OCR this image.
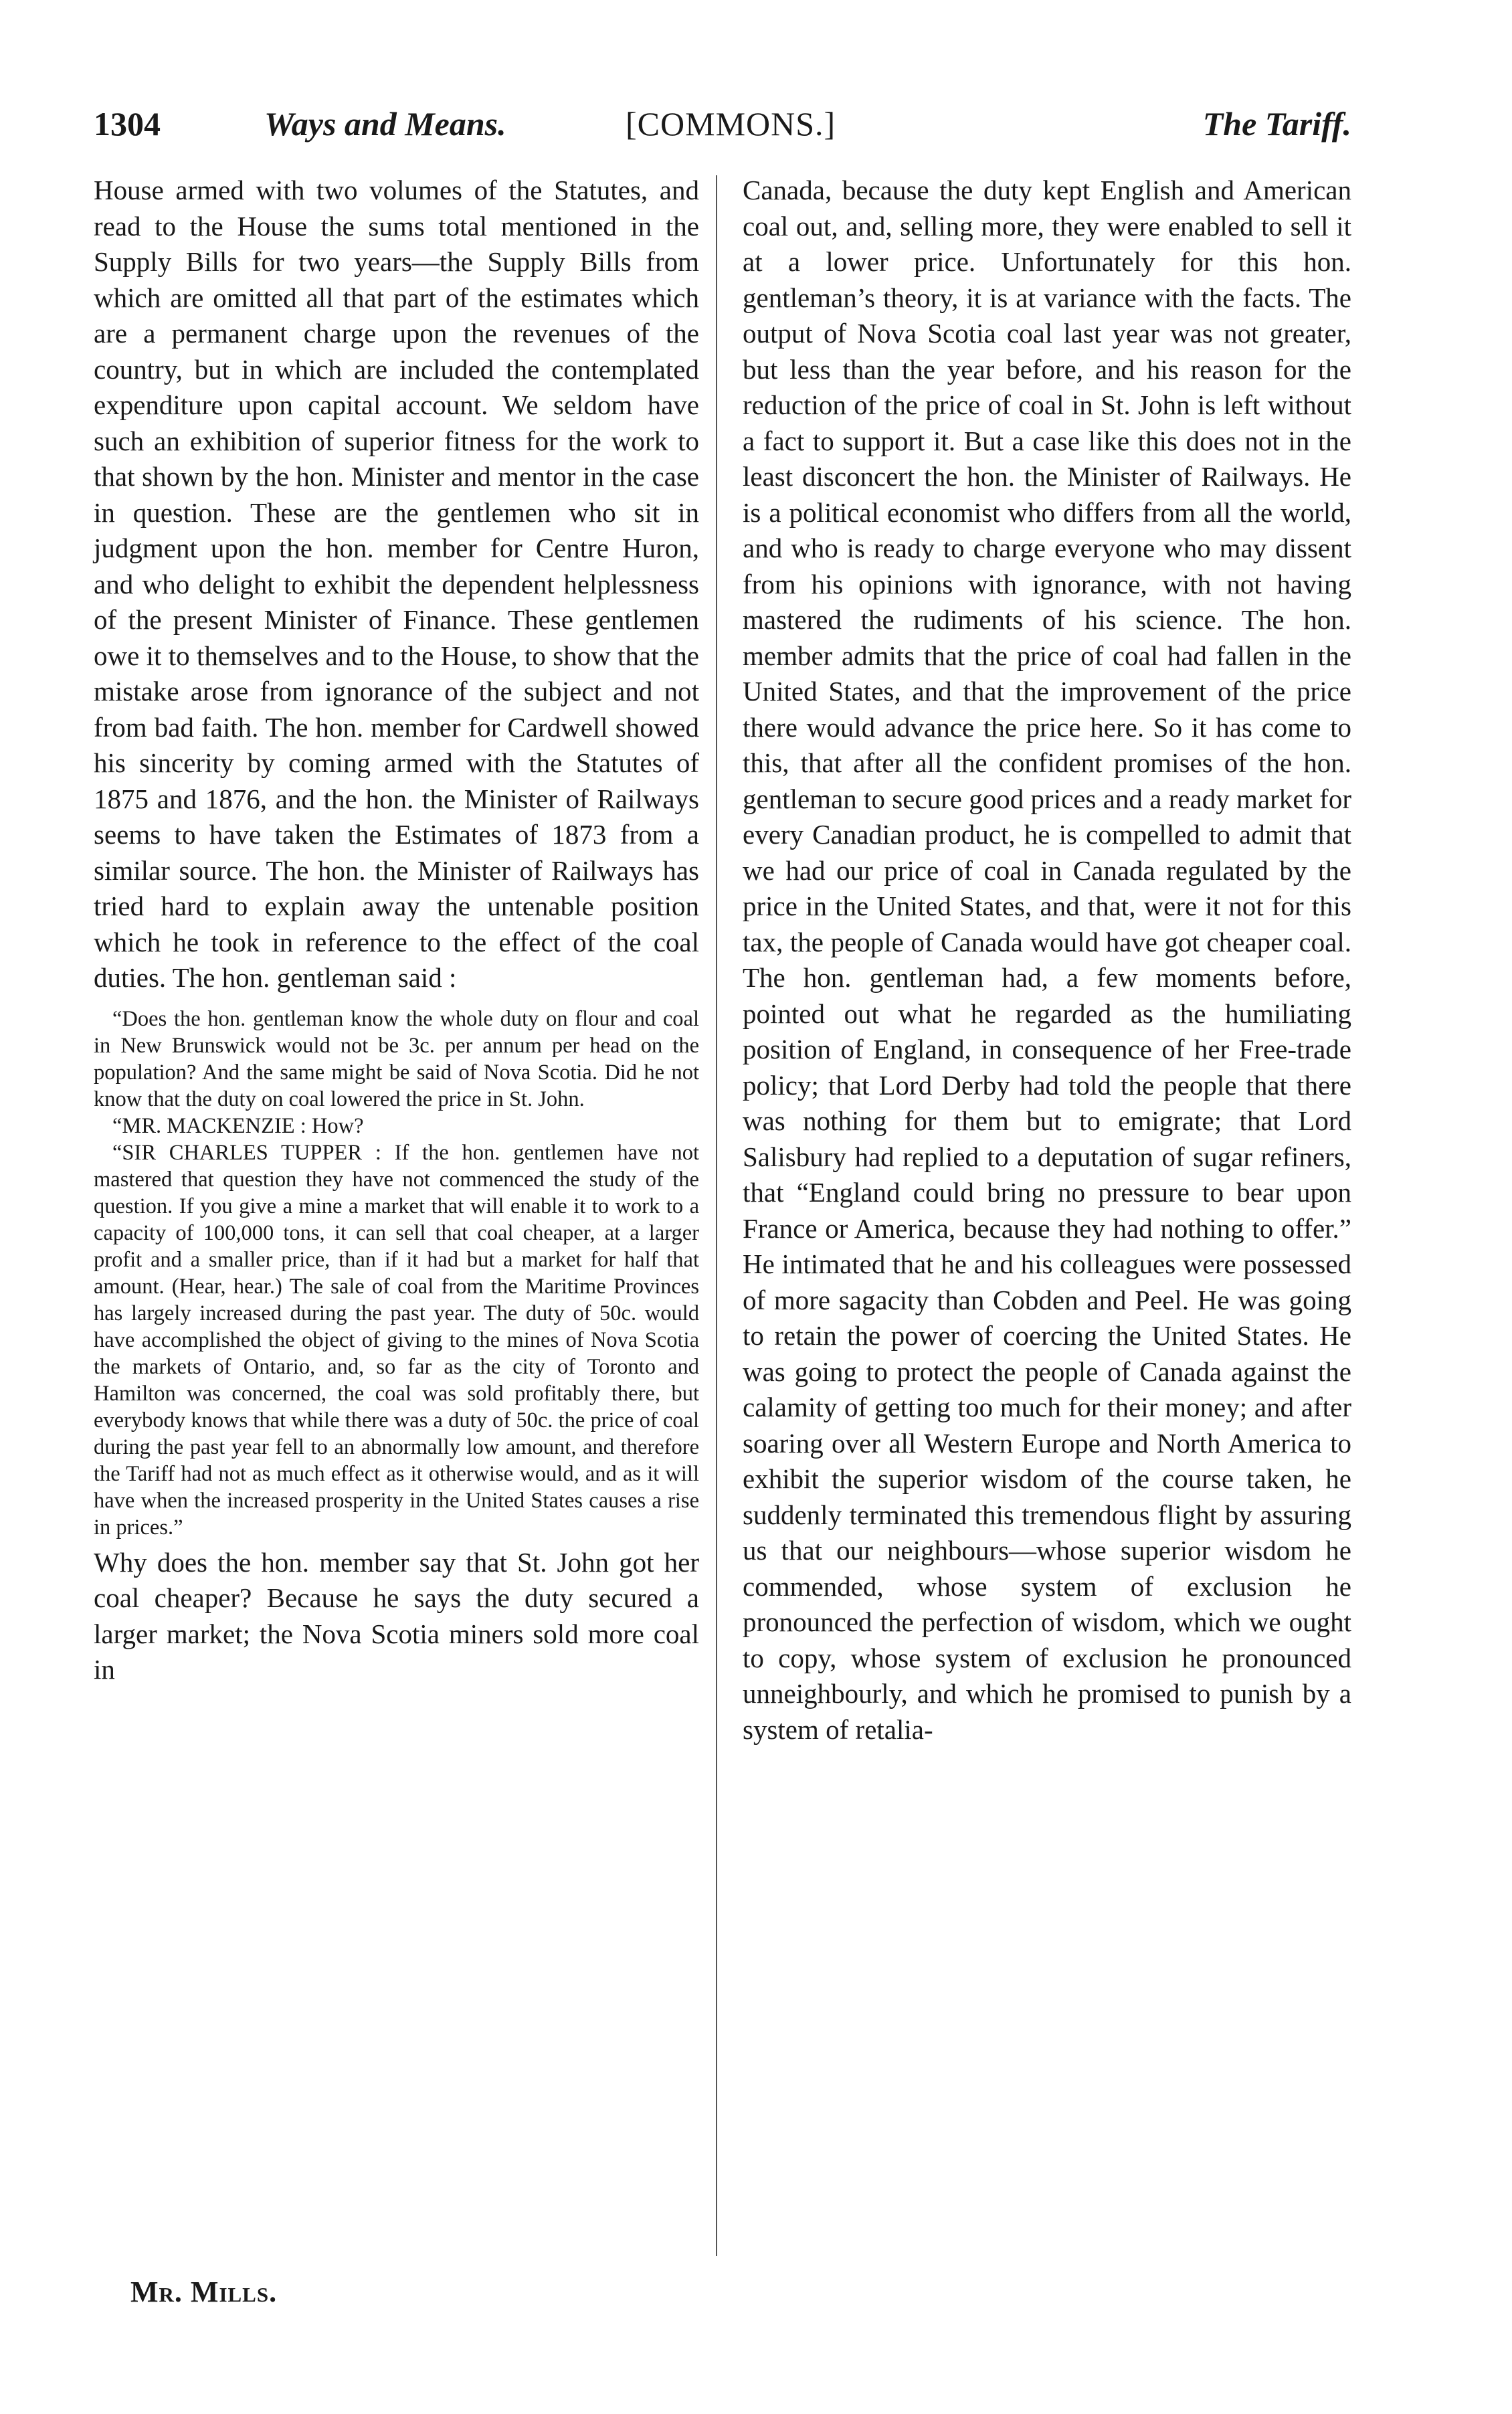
1304	Ways and Means.	[COMMONS.]	The Tariff.

House armed with two volumes of the Statutes, and read to the House the sums total mentioned in the Supply Bills for two years—the Supply Bills from which are omitted all that part of the estimates which are a permanent charge upon the revenues of the country, but in which are included the contemplated expenditure upon capital account. We seldom have such an exhibition of superior fitness for the work to that shown by the hon. Minister and mentor in the case in question. These are the gentlemen who sit in judgment upon the hon. member for Centre Huron, and who delight to exhibit the dependent helplessness of the present Minister of Finance. These gentlemen owe it to themselves and to the House, to show that the mistake arose from ignorance of the subject and not from bad faith. The hon. member for Cardwell showed his sincerity by coming armed with the Statutes of 1875 and 1876, and the hon. the Minister of Railways seems to have taken the Estimates of 1873 from a similar source. The hon. the Minister of Railways has tried hard to explain away the untenable position which he took in reference to the effect of the coal duties. The hon. gentleman said :

“Does the hon. gentleman know the whole duty on flour and coal in New Brunswick would not be 3c. per annum per head on the population? And the same might be said of Nova Scotia. Did he not know that the duty on coal lowered the price in St. John.

“MR. MACKENZIE : How?

“SIR CHARLES TUPPER : If the hon. gentlemen have not mastered that question they have not commenced the study of the question. If you give a mine a market that will enable it to work to a capacity of 100,000 tons, it can sell that coal cheaper, at a larger profit and a smaller price, than if it had but a market for half that amount. (Hear, hear.) The sale of coal from the Maritime Provinces has largely increased during the past year. The duty of 50c. would have accomplished the object of giving to the mines of Nova Scotia the markets of Ontario, and, so far as the city of Toronto and Hamilton was concerned, the coal was sold profitably there, but everybody knows that while there was a duty of 50c. the price of coal during the past year fell to an abnormally low amount, and therefore the Tariff had not as much effect as it otherwise would, and as it will have when the increased prosperity in the United States causes a rise in prices.”

Why does the hon. member say that St. John got her coal cheaper? Because he says the duty secured a larger market; the Nova Scotia miners sold more coal in

Canada, because the duty kept English and American coal out, and, selling more, they were enabled to sell it at a lower price. Unfortunately for this hon. gentleman’s theory, it is at variance with the facts. The output of Nova Scotia coal last year was not greater, but less than the year before, and his reason for the reduction of the price of coal in St. John is left without a fact to support it. But a case like this does not in the least disconcert the hon. the Minister of Railways. He is a political economist who differs from all the world, and who is ready to charge everyone who may dissent from his opinions with ignorance, with not having mastered the rudiments of his science. The hon. member admits that the price of coal had fallen in the United States, and that the improvement of the price there would advance the price here. So it has come to this, that after all the confident promises of the hon. gentleman to secure good prices and a ready market for every Canadian product, he is compelled to admit that we had our price of coal in Canada regulated by the price in the United States, and that, were it not for this tax, the people of Canada would have got cheaper coal. The hon. gentleman had, a few moments before, pointed out what he regarded as the humiliating position of England, in consequence of her Free-trade policy; that Lord Derby had told the people that there was nothing for them but to emigrate; that Lord Salisbury had replied to a deputation of sugar refiners, that “England could bring no pressure to bear upon France or America, because they had nothing to offer.” He intimated that he and his colleagues were possessed of more sagacity than Cobden and Peel. He was going to retain the power of coercing the United States. He was going to protect the people of Canada against the calamity of getting too much for their money; and after soaring over all Western Europe and North America to exhibit the superior wisdom of the course taken, he suddenly terminated this tremendous flight by assuring us that our neighbours—whose superior wisdom he commended, whose system of exclusion he pronounced the perfection of wisdom, which we ought to copy, whose system of exclusion he pronounced unneighbourly, and which he promised to punish by a system of retalia-

Mr. Mills.
